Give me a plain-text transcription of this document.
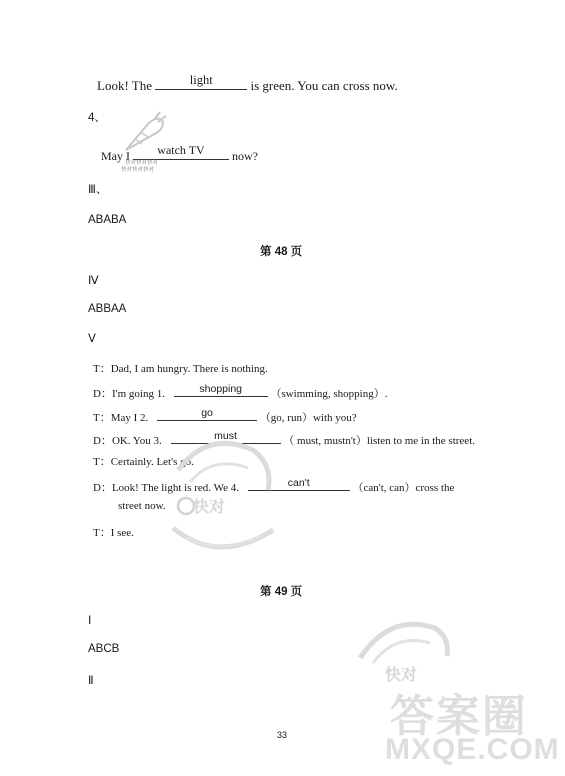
Look! The	light	is green. You can cross now.
4、
May I	watch TV	now?
快对快对快对
快对快对快对
Ⅲ、
ABABA
第 48 页
Ⅳ
ABBAA
Ⅴ
T：Dad, I am hungry. There is nothing.
D：I'm going 1.	shopping	（swimming, shopping）.
T：May I 2.	go	（go, run）with you?
D：OK. You 3.	must	（ must, mustn't）listen to me in the street.
T：Certainly. Let's go.
D：Look! The light is red. We 4.	can't	（can't, can）cross the
street now.
T：I see.
快对
第 49 页
Ⅰ
ABCB
Ⅱ	快对
答案圈
MXQE.COM
33
